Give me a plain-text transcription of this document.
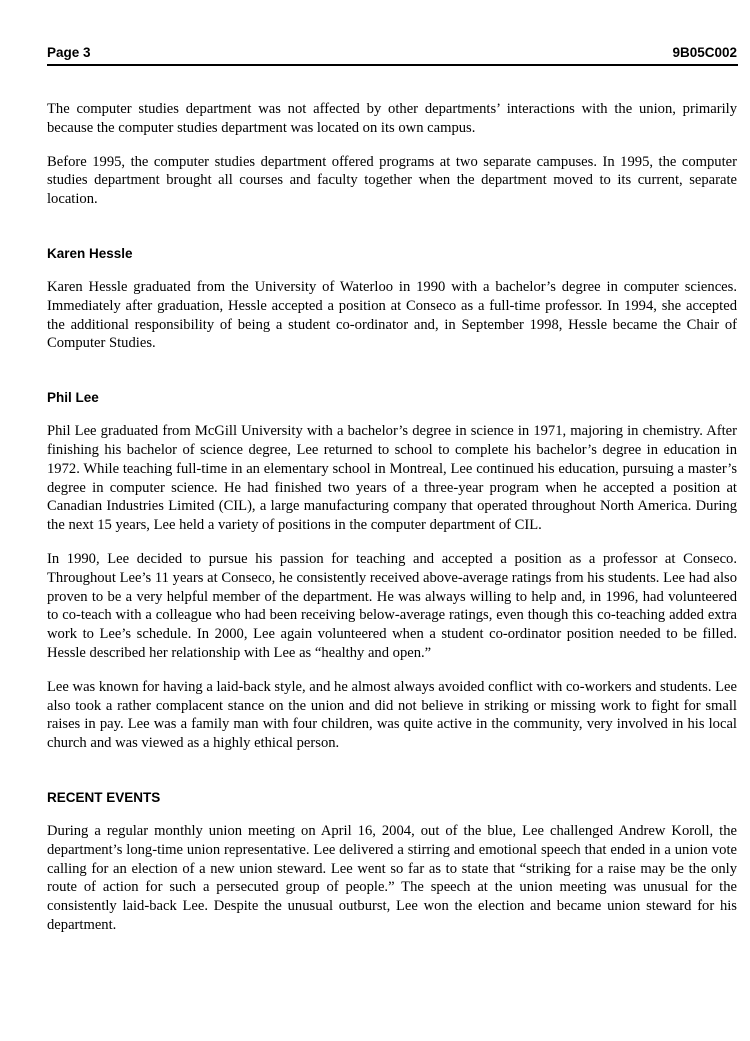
Page 3	9B05C002

The computer studies department was not affected by other departments’ interactions with the union, primarily because the computer studies department was located on its own campus.

Before 1995, the computer studies department offered programs at two separate campuses. In 1995, the computer studies department brought all courses and faculty together when the department moved to its current, separate location.

Karen Hessle

Karen Hessle graduated from the University of Waterloo in 1990 with a bachelor’s degree in computer sciences. Immediately after graduation, Hessle accepted a position at Conseco as a full-time professor. In 1994, she accepted the additional responsibility of being a student co-ordinator and, in September 1998, Hessle became the Chair of Computer Studies.

Phil Lee

Phil Lee graduated from McGill University with a bachelor’s degree in science in 1971, majoring in chemistry. After finishing his bachelor of science degree, Lee returned to school to complete his bachelor’s degree in education in 1972. While teaching full-time in an elementary school in Montreal, Lee continued his education, pursuing a master’s degree in computer science. He had finished two years of a three-year program when he accepted a position at Canadian Industries Limited (CIL), a large manufacturing company that operated throughout North America. During the next 15 years, Lee held a variety of positions in the computer department of CIL.

In 1990, Lee decided to pursue his passion for teaching and accepted a position as a professor at Conseco. Throughout Lee’s 11 years at Conseco, he consistently received above-average ratings from his students. Lee had also proven to be a very helpful member of the department. He was always willing to help and, in 1996, had volunteered to co-teach with a colleague who had been receiving below-average ratings, even though this co-teaching added extra work to Lee’s schedule. In 2000, Lee again volunteered when a student co-ordinator position needed to be filled. Hessle described her relationship with Lee as “healthy and open.”

Lee was known for having a laid-back style, and he almost always avoided conflict with co-workers and students. Lee also took a rather complacent stance on the union and did not believe in striking or missing work to fight for small raises in pay. Lee was a family man with four children, was quite active in the community, very involved in his local church and was viewed as a highly ethical person.

RECENT EVENTS

During a regular monthly union meeting on April 16, 2004, out of the blue, Lee challenged Andrew Koroll, the department’s long-time union representative. Lee delivered a stirring and emotional speech that ended in a union vote calling for an election of a new union steward. Lee went so far as to state that “striking for a raise may be the only route of action for such a persecuted group of people.” The speech at the union meeting was unusual for the consistently laid-back Lee. Despite the unusual outburst, Lee won the election and became union steward for his department.
